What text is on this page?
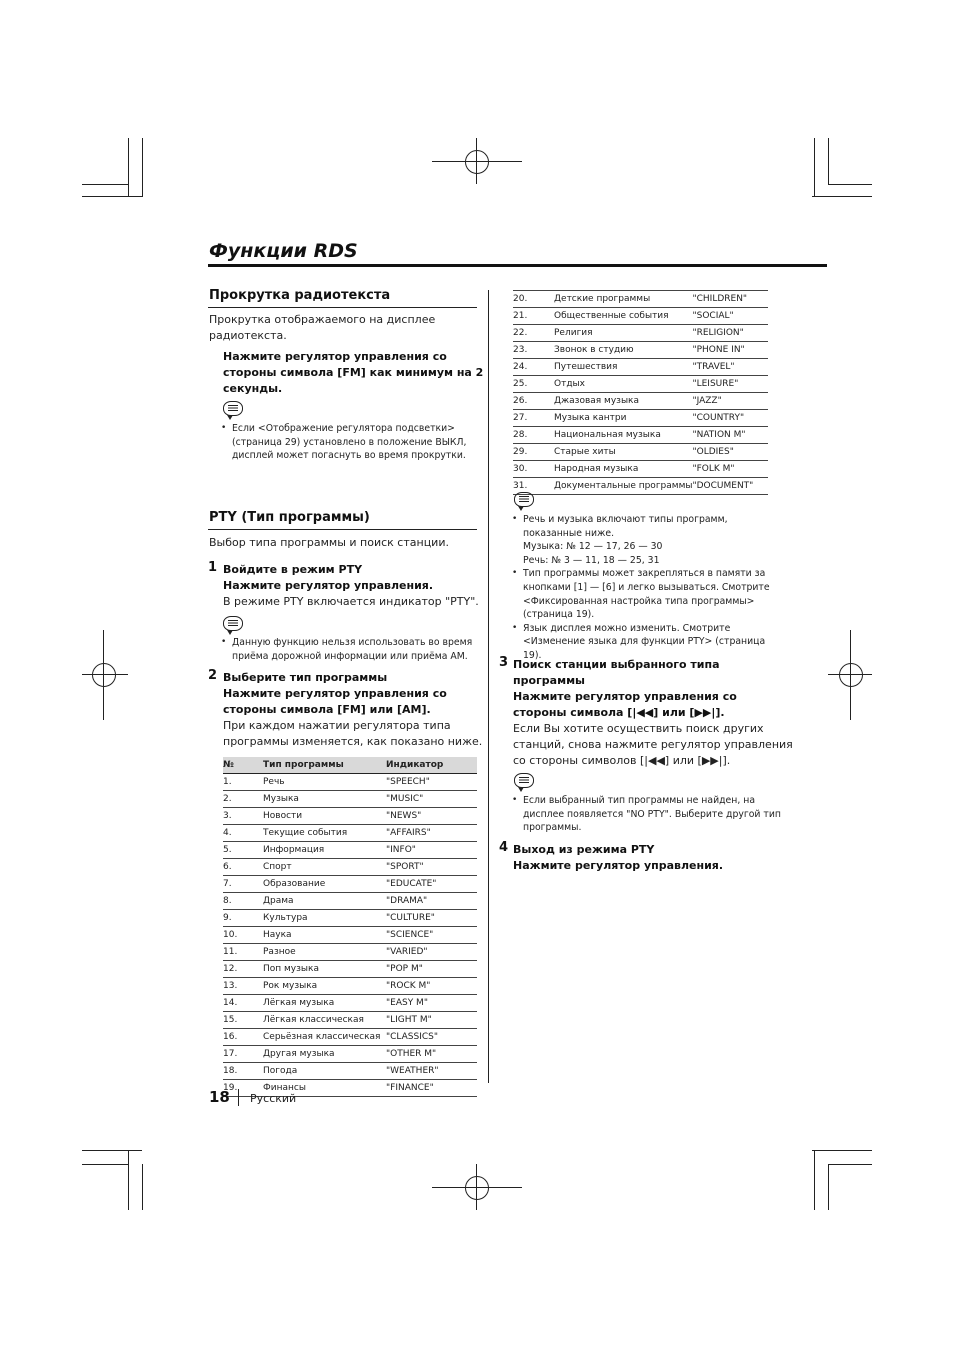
Функции RDS
Прокрутка радиотекста
Прокрутка отображаемого на дисплее
радиотекста.
Нажмите регулятор управления со
стороны символа [FM] как минимум на 2
секунды.
• Если <Отображение регулятора подсветки>
(страница 29) установлено в положение ВЫКЛ,
дисплей может погаснуть во время прокрутки.
PTY (Тип программы)
Выбор типа программы и поиск станции.
1 Войдите в режим PTY
Нажмите регулятор управления.
В режиме PTY включается индикатор "PTY".
• Данную функцию нельзя использовать во время
приёма дорожной информации или приёма AM.
2 Выберите тип программы
Нажмите регулятор управления со
стороны символа [FM] или [AM].
При каждом нажатии регулятора типа
программы изменяется, как показано ниже.
№	Тип программы	Индикатор
1.	Речь	"SPEECH"
2.	Музыка	"MUSIC"
3.	Новости	"NEWS"
4.	Текущие события	"AFFAIRS"
5.	Информация	"INFO"
6.	Спорт	"SPORT"
7.	Образование	"EDUCATE"
8.	Драма	"DRAMA"
9.	Культура	"CULTURE"
10.	Наука	"SCIENCE"
11.	Разное	"VARIED"
12.	Поп музыка	"POP M"
13.	Рок музыка	"ROCK M"
14.	Лёгкая музыка	"EASY M"
15.	Лёгкая классическая	"LIGHT M"
16.	Серьёзная классическая	"CLASSICS"
17.	Другая музыка	"OTHER M"
18.	Погода	"WEATHER"
19.	Финансы	"FINANCE"
18 Русский
20.	Детские программы	"CHILDREN"
21.	Общественные события	"SOCIAL"
22.	Религия	"RELIGION"
23.	Звонок в студию	"PHONE IN"
24.	Путешествия	"TRAVEL"
25.	Отдых	"LEISURE"
26.	Джазовая музыка	"JAZZ"
27.	Музыка кантри	"COUNTRY"
28.	Национальная музыка	"NATION M"
29.	Старые хиты	"OLDIES"
30.	Народная музыка	"FOLK M"
31.	Документальные программы	"DOCUMENT"
• Речь и музыка включают типы программ,
показанные ниже.
Музыка: № 12 — 17, 26 — 30
Речь: № 3 — 11, 18 — 25, 31
• Тип программы может закрепляться в памяти за
кнопками [1] — [6] и легко вызываться. Смотрите
<Фиксированная настройка типа программы>
(страница 19).
• Язык дисплея можно изменить. Смотрите
<Изменение языка для функции PTY> (страница 19).
3 Поиск станции выбранного типа
программы
Нажмите регулятор управления со
стороны символа [|◀◀] или [▶▶|].
Если Вы хотите осуществить поиск других
станций, снова нажмите регулятор управления
со стороны символов [|◀◀] или [▶▶|].
• Если выбранный тип программы не найден, на
дисплее появляется "NO PTY". Выберите другой тип
программы.
4 Выход из режима PTY
Нажмите регулятор управления.
